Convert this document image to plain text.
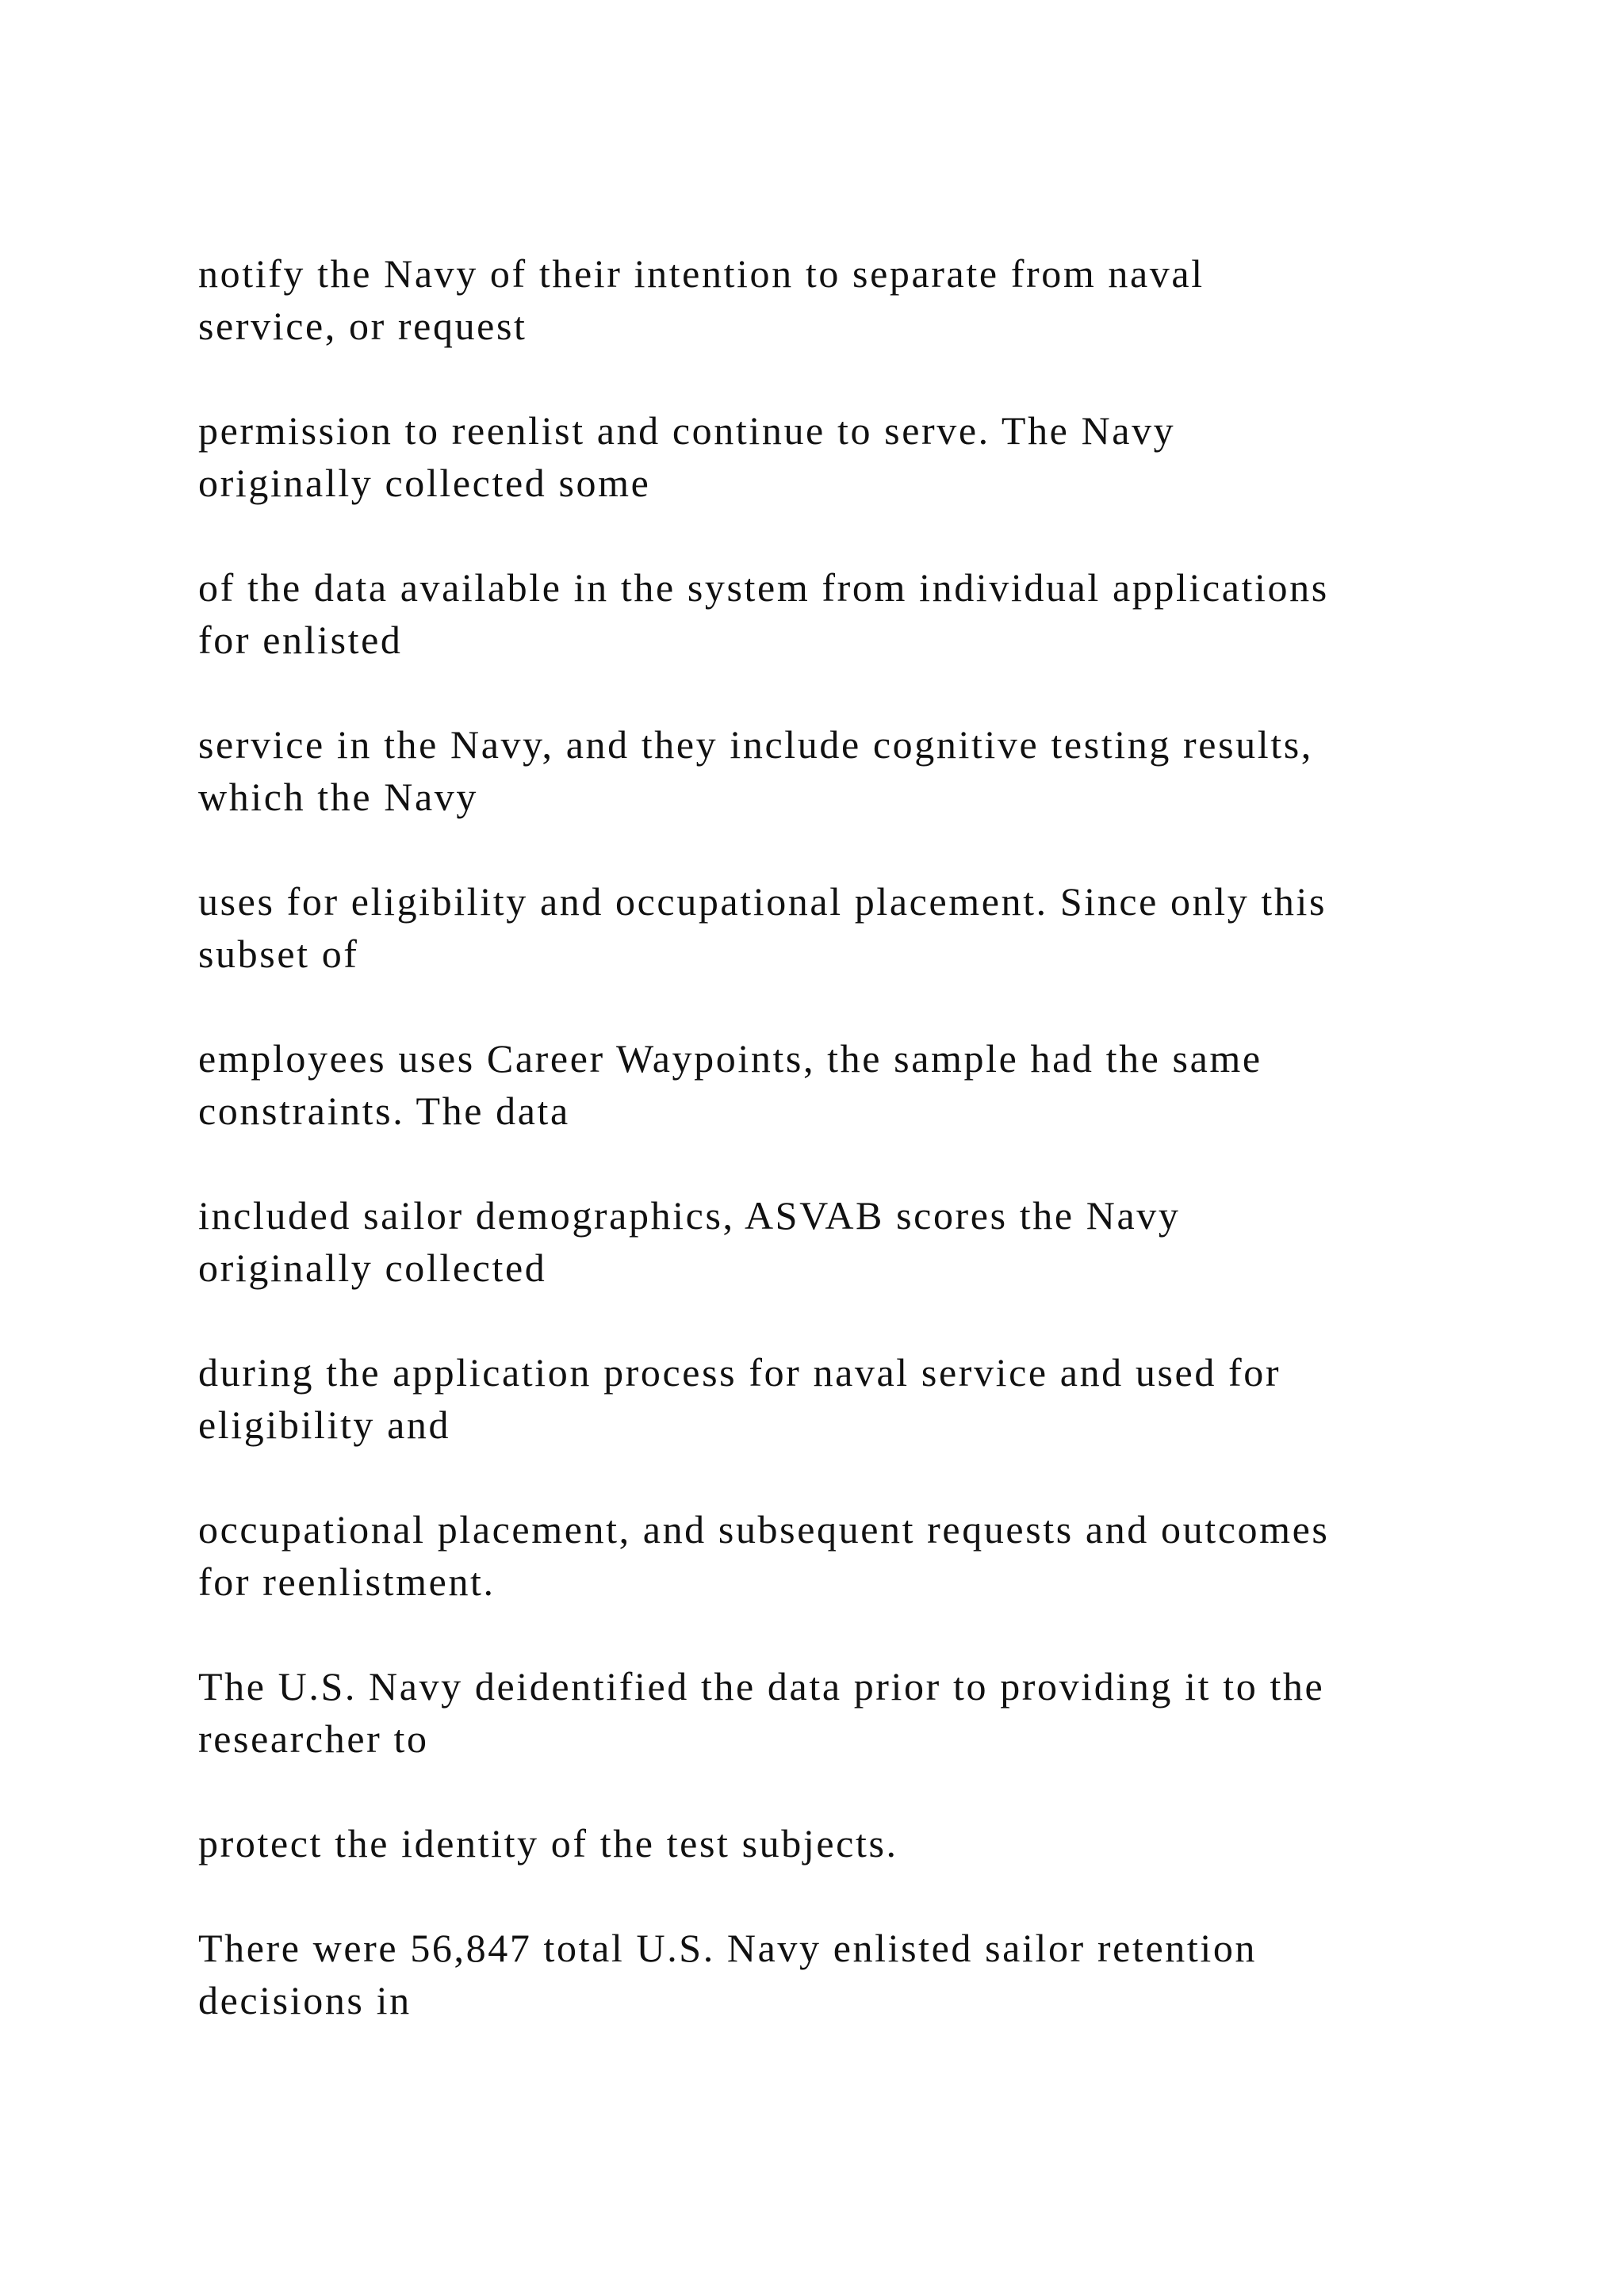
notify the Navy of their intention to separate from naval
service, or request

permission to reenlist and continue to serve. The Navy
originally collected some

of the data available in the system from individual applications
for enlisted

service in the Navy, and they include cognitive testing results,
which the Navy

uses for eligibility and occupational placement. Since only this
subset of

employees uses Career Waypoints, the sample had the same
constraints. The data

included sailor demographics, ASVAB scores the Navy
originally collected

during the application process for naval service and used for
eligibility and

occupational placement, and subsequent requests and outcomes
for reenlistment.

The U.S. Navy deidentified the data prior to providing it to the
researcher to

protect the identity of the test subjects.

There were 56,847 total U.S. Navy enlisted sailor retention
decisions in
